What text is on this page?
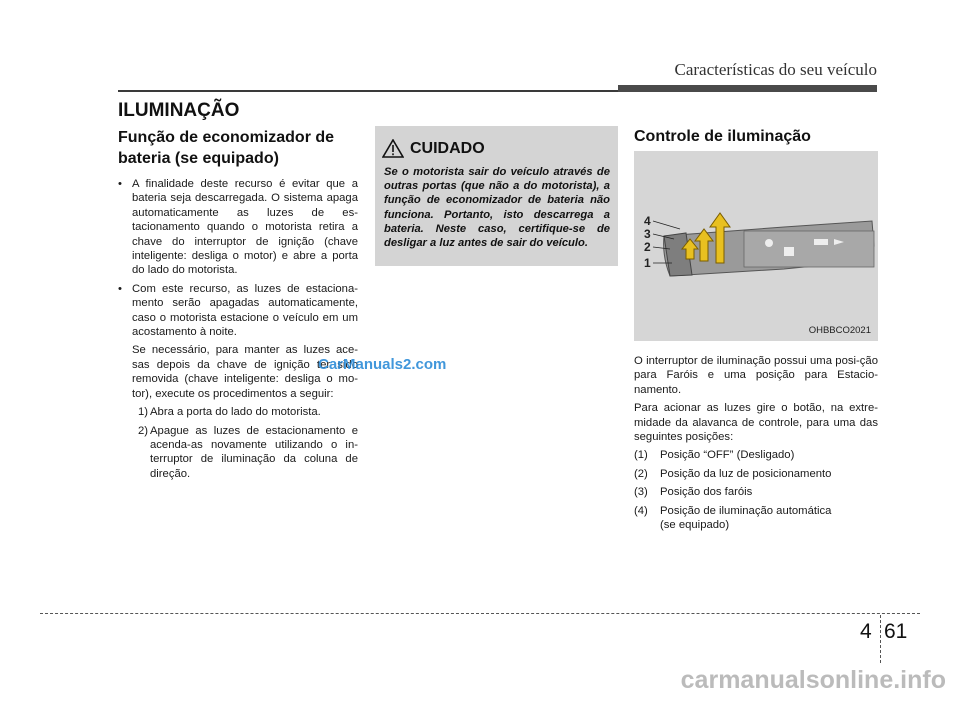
Características do seu veículo
ILUMINAÇÃO
Função de economizador de bateria (se equipado)
• A finalidade deste recurso é evitar que a bateria seja descarregada. O sistema apaga automaticamente as luzes de es-tacionamento quando o motorista retira a chave do interruptor de ignição (chave inteligente: desliga o motor) e abre a porta do lado do motorista.
• Com este recurso, as luzes de estaciona-mento serão apagadas automaticamente, caso o motorista estacione o veículo em um acostamento à noite.
Se necessário, para manter as luzes ace-sas depois da chave de ignição ter sido removida (chave inteligente: desliga o mo-tor), execute os procedimentos a seguir:
1) Abra a porta do lado do motorista.
2) Apague as luzes de estacionamento e acenda-as novamente utilizando o in-terruptor de iluminação da coluna de direção.
CUIDADO
Se o motorista sair do veículo através de outras portas (que não a do motorista), a função de economizador de bateria não funciona. Portanto, isto descarrega a bateria. Neste caso, certifique-se de desligar a luz antes de sair do veículo.
Controle de iluminação
4
3
2
1
OHBBCO2021
O interruptor de iluminação possui uma posi-ção para Faróis e uma posição para Estacio-namento.
Para acionar as luzes gire o botão, na extre-midade da alavanca de controle, para uma das seguintes posições:
(1) Posição “OFF” (Desligado)
(2) Posição da luz de posicionamento
(3) Posição dos faróis
(4) Posição de iluminação automática
(se equipado)
CarManuals2.com
carmanualsonline.info
4 61
